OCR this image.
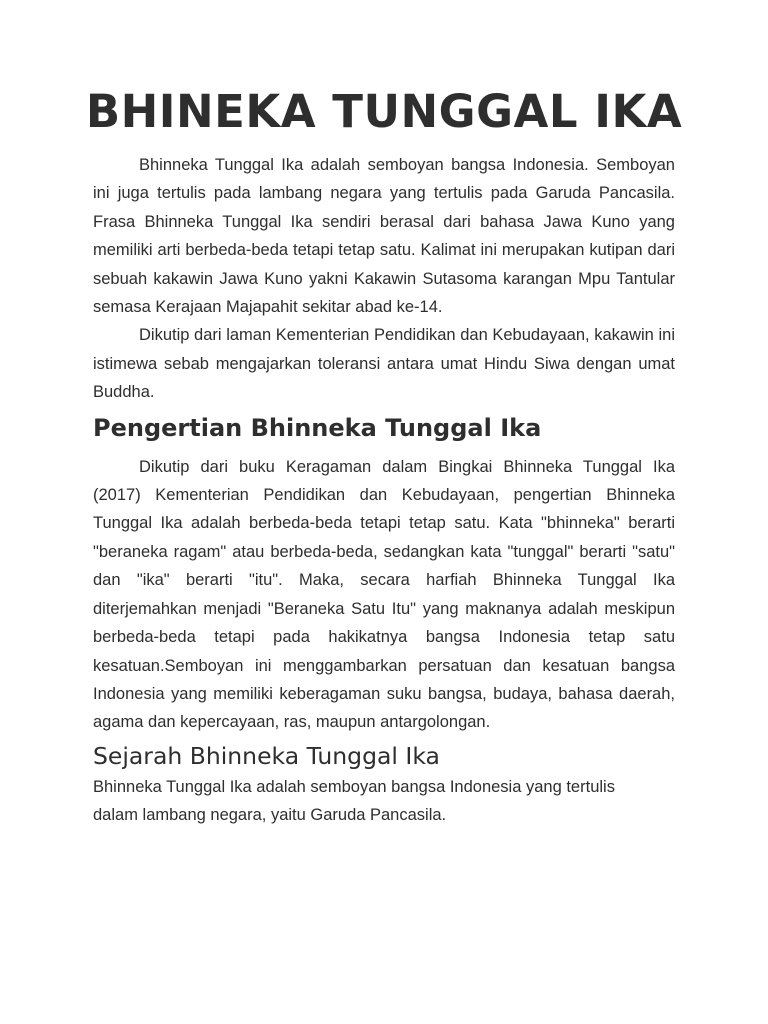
BHINEKA TUNGGAL IKA

Bhinneka Tunggal Ika adalah semboyan bangsa Indonesia. Semboyan ini juga tertulis pada lambang negara yang tertulis pada Garuda Pancasila. Frasa Bhinneka Tunggal Ika sendiri berasal dari bahasa Jawa Kuno yang memiliki arti berbeda-beda tetapi tetap satu. Kalimat ini merupakan kutipan dari sebuah kakawin Jawa Kuno yakni Kakawin Sutasoma karangan Mpu Tantular semasa Kerajaan Majapahit sekitar abad ke-14.

Dikutip dari laman Kementerian Pendidikan dan Kebudayaan, kakawin ini istimewa sebab mengajarkan toleransi antara umat Hindu Siwa dengan umat Buddha.

Pengertian Bhinneka Tunggal Ika

Dikutip dari buku Keragaman dalam Bingkai Bhinneka Tunggal Ika (2017) Kementerian Pendidikan dan Kebudayaan, pengertian Bhinneka Tunggal Ika adalah berbeda-beda tetapi tetap satu. Kata "bhinneka" berarti "beraneka ragam" atau berbeda-beda, sedangkan kata "tunggal" berarti "satu" dan "ika" berarti "itu". Maka, secara harfiah Bhinneka Tunggal Ika diterjemahkan menjadi "Beraneka Satu Itu" yang maknanya adalah meskipun berbeda-beda tetapi pada hakikatnya bangsa Indonesia tetap satu kesatuan.Semboyan ini menggambarkan persatuan dan kesatuan bangsa Indonesia yang memiliki keberagaman suku bangsa, budaya, bahasa daerah, agama dan kepercayaan, ras, maupun antargolongan.

Sejarah Bhinneka Tunggal Ika

Bhinneka Tunggal Ika adalah semboyan bangsa Indonesia yang tertulis
dalam lambang negara, yaitu Garuda Pancasila.
